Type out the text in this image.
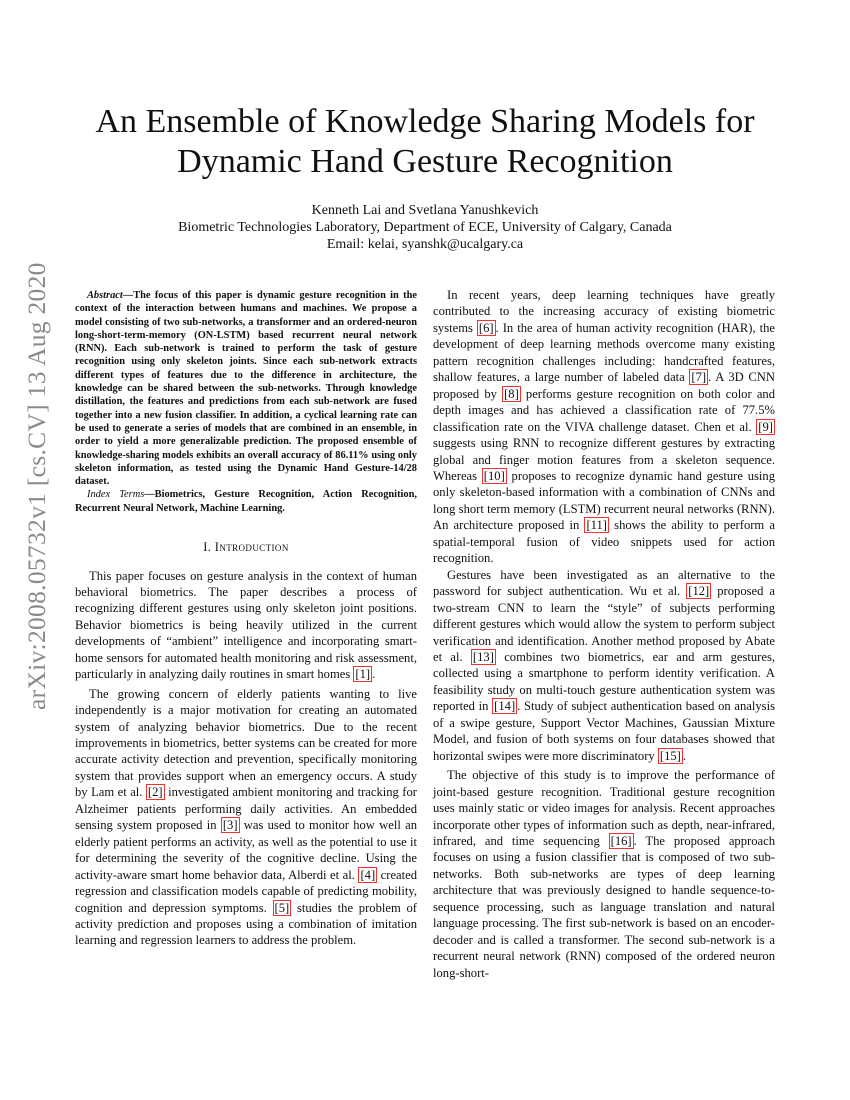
arXiv:2008.05732v1 [cs.CV] 13 Aug 2020
An Ensemble of Knowledge Sharing Models for
Dynamic Hand Gesture Recognition
Kenneth Lai and Svetlana Yanushkevich
Biometric Technologies Laboratory, Department of ECE, University of Calgary, Canada
Email: kelai, syanshk@ucalgary.ca

Abstract—The focus of this paper is dynamic gesture recognition in the context of the interaction between humans and machines. We propose a model consisting of two sub-networks, a transformer and an ordered-neuron long-short-term-memory (ON-LSTM) based recurrent neural network (RNN). Each sub-network is trained to perform the task of gesture recognition using only skeleton joints. Since each sub-network extracts different types of features due to the difference in architecture, the knowledge can be shared between the sub-networks. Through knowledge distillation, the features and predictions from each sub-network are fused together into a new fusion classifier. In addition, a cyclical learning rate can be used to generate a series of models that are combined in an ensemble, in order to yield a more generalizable prediction. The proposed ensemble of knowledge-sharing models exhibits an overall accuracy of 86.11% using only skeleton information, as tested using the Dynamic Hand Gesture-14/28 dataset.

Index Terms—Biometrics, Gesture Recognition, Action Recognition, Recurrent Neural Network, Machine Learning.

I. Introduction

This paper focuses on gesture analysis in the context of human behavioral biometrics. The paper describes a process of recognizing different gestures using only skeleton joint positions. Behavior biometrics is being heavily utilized in the current developments of “ambient” intelligence and incorporating smart-home sensors for automated health monitoring and risk assessment, particularly in analyzing daily routines in smart homes [1] .

The growing concern of elderly patients wanting to live independently is a major motivation for creating an automated system of analyzing behavior biometrics. Due to the recent improvements in biometrics, better systems can be created for more accurate activity detection and prevention, specifically monitoring system that provides support when an emergency occurs. A study by Lam et al. [2] investigated ambient monitoring and tracking for Alzheimer patients performing daily activities. An embedded sensing system proposed in [3] was used to monitor how well an elderly patient performs an activity, as well as the potential to use it for determining the severity of the cognitive decline. Using the activity-aware smart home behavior data, Alberdi et al. [4] created regression and classification models capable of predicting mobility, cognition and depression symptoms. [5] studies the problem of activity prediction and proposes using a combination of imitation learning and regression learners to address the problem.

In recent years, deep learning techniques have greatly contributed to the increasing accuracy of existing biometric systems [6] . In the area of human activity recognition (HAR), the development of deep learning methods overcome many existing pattern recognition challenges including: handcrafted features, shallow features, a large number of labeled data [7] . A 3D CNN proposed by [8] performs gesture recognition on both color and depth images and has achieved a classification rate of 77.5% classification rate on the VIVA challenge dataset. Chen et al. [9] suggests using RNN to recognize different gestures by extracting global and finger motion features from a skeleton sequence. Whereas [10] proposes to recognize dynamic hand gesture using only skeleton-based information with a combination of CNNs and long short term memory (LSTM) recurrent neural networks (RNN). An architecture proposed in [11] shows the ability to perform a spatial-temporal fusion of video snippets used for action recognition.

Gestures have been investigated as an alternative to the password for subject authentication. Wu et al. [12] proposed a two-stream CNN to learn the “style” of subjects performing different gestures which would allow the system to perform subject verification and identification. Another method proposed by Abate et al. [13] combines two biometrics, ear and arm gestures, collected using a smartphone to perform identity verification. A feasibility study on multi-touch gesture authentication system was reported in [14] . Study of subject authentication based on analysis of a swipe gesture, Support Vector Machines, Gaussian Mixture Model, and fusion of both systems on four databases showed that horizontal swipes were more discriminatory [15] .

The objective of this study is to improve the performance of joint-based gesture recognition. Traditional gesture recognition uses mainly static or video images for analysis. Recent approaches incorporate other types of information such as depth, near-infrared, infrared, and time sequencing [16] . The proposed approach focuses on using a fusion classifier that is composed of two sub-networks. Both sub-networks are types of deep learning architecture that was previously designed to handle sequence-to-sequence processing, such as language translation and natural language processing. The first sub-network is based on an encoder-decoder and is called a transformer. The second sub-network is a recurrent neural network (RNN) composed of the ordered neuron long-short-
